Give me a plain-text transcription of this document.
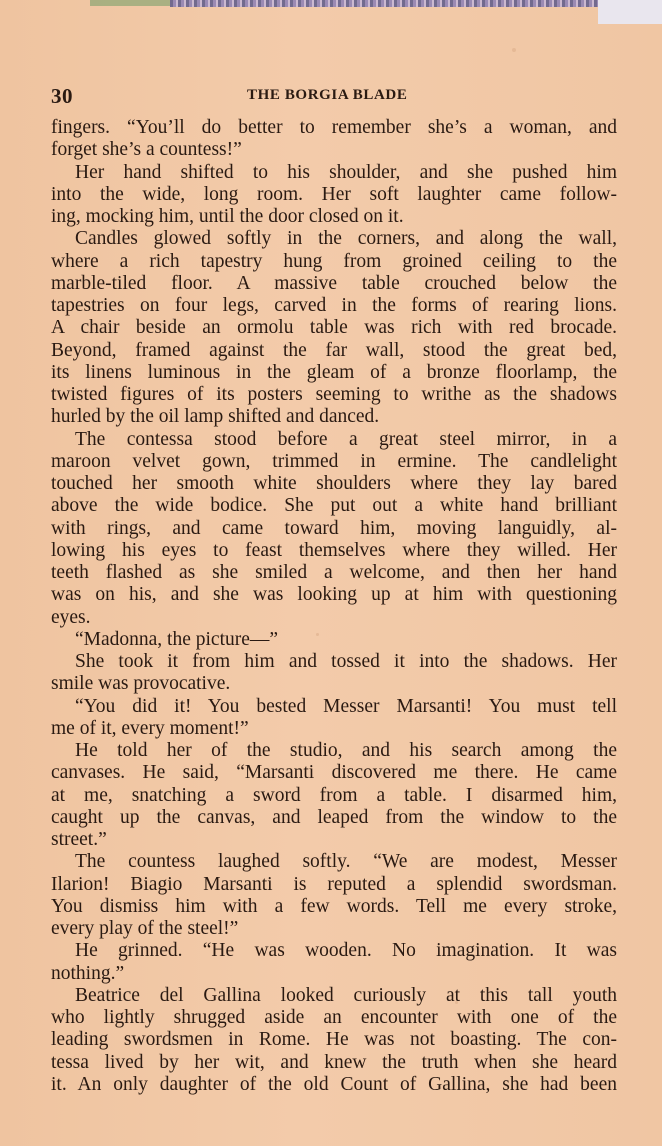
30	THE BORGIA BLADE
fingers. “You’ll do better to remember she’s a woman, and
forget she’s a countess!”
Her hand shifted to his shoulder, and she pushed him
into the wide, long room. Her soft laughter came follow-
ing, mocking him, until the door closed on it.
Candles glowed softly in the corners, and along the wall,
where a rich tapestry hung from groined ceiling to the
marble-tiled floor. A massive table crouched below the
tapestries on four legs, carved in the forms of rearing lions.
A chair beside an ormolu table was rich with red brocade.
Beyond, framed against the far wall, stood the great bed,
its linens luminous in the gleam of a bronze floorlamp, the
twisted figures of its posters seeming to writhe as the shadows
hurled by the oil lamp shifted and danced.
The contessa stood before a great steel mirror, in a
maroon velvet gown, trimmed in ermine. The candlelight
touched her smooth white shoulders where they lay bared
above the wide bodice. She put out a white hand brilliant
with rings, and came toward him, moving languidly, al-
lowing his eyes to feast themselves where they willed. Her
teeth flashed as she smiled a welcome, and then her hand
was on his, and she was looking up at him with questioning
eyes.
“Madonna, the picture—”
She took it from him and tossed it into the shadows. Her
smile was provocative.
“You did it! You bested Messer Marsanti! You must tell
me of it, every moment!”
He told her of the studio, and his search among the
canvases. He said, “Marsanti discovered me there. He came
at me, snatching a sword from a table. I disarmed him,
caught up the canvas, and leaped from the window to the
street.”
The countess laughed softly. “We are modest, Messer
Ilarion! Biagio Marsanti is reputed a splendid swordsman.
You dismiss him with a few words. Tell me every stroke,
every play of the steel!”
He grinned. “He was wooden. No imagination. It was
nothing.”
Beatrice del Gallina looked curiously at this tall youth
who lightly shrugged aside an encounter with one of the
leading swordsmen in Rome. He was not boasting. The con-
tessa lived by her wit, and knew the truth when she heard
it. An only daughter of the old Count of Gallina, she had been
